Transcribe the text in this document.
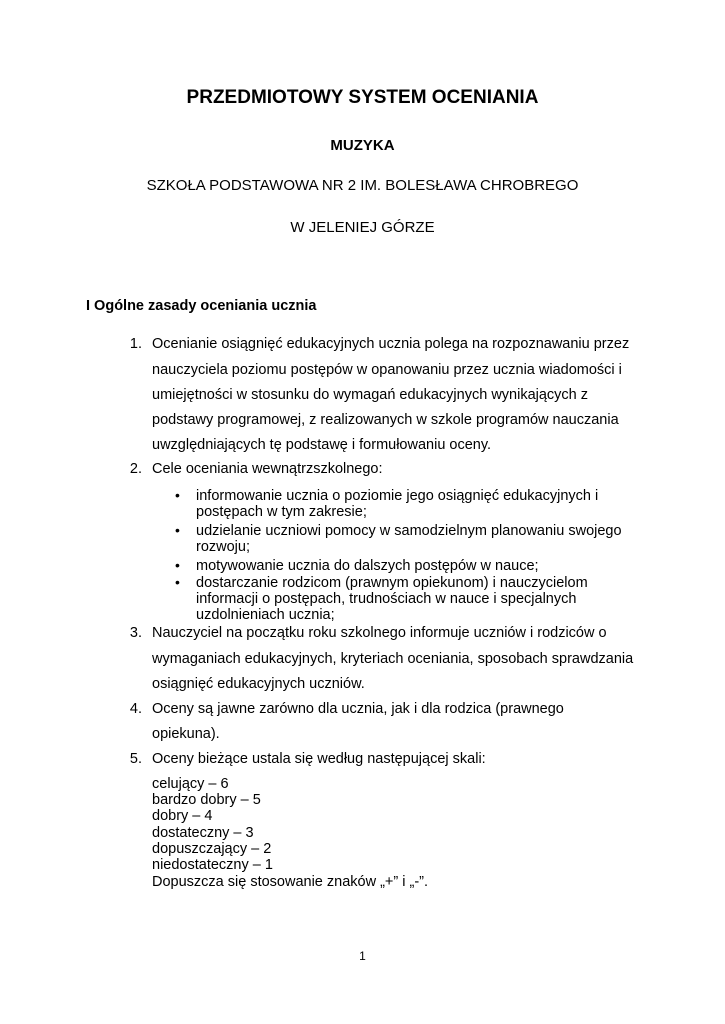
PRZEDMIOTOWY SYSTEM OCENIANIA
MUZYKA
SZKOŁA PODSTAWOWA NR 2 IM. BOLESŁAWA CHROBREGO
W JELENIEJ GÓRZE
I Ogólne zasady oceniania ucznia
1. Ocenianie osiągnięć edukacyjnych ucznia polega na rozpoznawaniu przez
nauczyciela poziomu postępów w opanowaniu przez ucznia wiadomości i
umiejętności w stosunku do wymagań edukacyjnych wynikających z
podstawy programowej, z realizowanych w szkole programów nauczania
uwzględniających tę podstawę i formułowaniu oceny.
2. Cele oceniania wewnątrzszkolnego:
• informowanie ucznia o poziomie jego osiągnięć edukacyjnych i
postępach w tym zakresie;
• udzielanie uczniowi pomocy w samodzielnym planowaniu swojego
rozwoju;
• motywowanie ucznia do dalszych postępów w nauce;
• dostarczanie rodzicom (prawnym opiekunom) i nauczycielom
informacji o postępach, trudnościach w nauce i specjalnych
uzdolnieniach ucznia;
3. Nauczyciel na początku roku szkolnego informuje uczniów i rodziców o
wymaganiach edukacyjnych, kryteriach oceniania, sposobach sprawdzania
osiągnięć edukacyjnych uczniów.
4. Oceny są jawne zarówno dla ucznia, jak i dla rodzica (prawnego
opiekuna).
5. Oceny bieżące ustala się według następującej skali:
celujący – 6
bardzo dobry – 5
dobry – 4
dostateczny – 3
dopuszczający – 2
niedostateczny – 1
Dopuszcza się stosowanie znaków „+” i „-”.
1
